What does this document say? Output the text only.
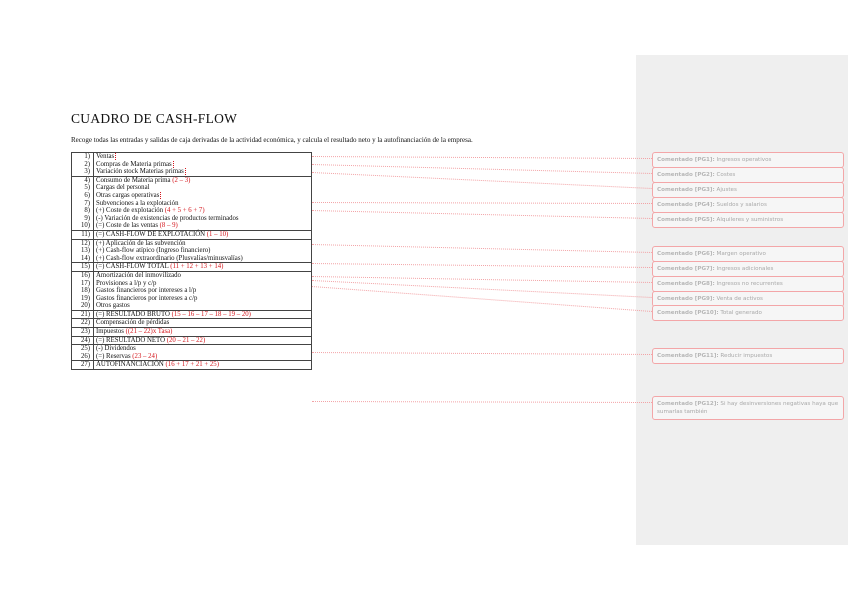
CUADRO DE CASH-FLOW
Recoge todas las entradas y salidas de caja derivadas de la actividad económica, y calcula el resultado neto y la autofinanciación de la empresa.
1)	Ventas
2)	Compras de Materia primas
3)	Variación stock Materias primas
4)	Consumo de Materia prima (2 – 3)
5)	Cargas del personal
6)	Otras cargas operativas
7)	Subvenciones a la explotación
8)	(+) Coste de explotación (4 + 5 + 6 + 7)
9)	(-) Variación de existencias de productos terminados
10)	(=) Coste de las ventas (8 – 9)
11)	(=) CASH-FLOW DE EXPLOTACIÓN (1 – 10)
12)	(+) Aplicación de las subvención
13)	(+) Cash-flow atípico (Ingreso financiero)
14)	(+) Cash-flow extraordinario (Plusvalías/minusvalías)
15)	(=) CASH-FLOW TOTAL (11 + 12 + 13 + 14)
16)	Amortización del inmovilizado
17)	Provisiones a l/p y c/p
18)	Gastos financieros por intereses a l/p
19)	Gastos financieros por intereses a c/p
20)	Otros gastos
21)	(=) RESULTADO BRUTO (15 – 16 – 17 – 18 – 19 – 20)
22)	Compensación de pérdidas
23)	Impuestos ((21 – 22)x Tasa)
24)	(=) RESULTADO NETO (20 – 21 – 22)
25)	(-) Dividendos
26)	(=) Reservas (23 – 24)
27)	AUTOFINANCIACIÓN (16 + 17 + 21 + 25)
Comentado [PG1]: Ingresos operativos
Comentado [PG2]: Costes
Comentado [PG3]: Ajustes
Comentado [PG4]: Sueldos y salarios
Comentado [PG5]: Alquileres y suministros
Comentado [PG6]: Margen operativo
Comentado [PG7]: Ingresos adicionales
Comentado [PG8]: Ingresos no recurrentes
Comentado [PG9]: Venta de activos
Comentado [PG10]: Total generado
Comentado [PG11]: Reducir impuestos
Comentado [PG12]: Si hay desinversiones negativas haya que sumarlas también
